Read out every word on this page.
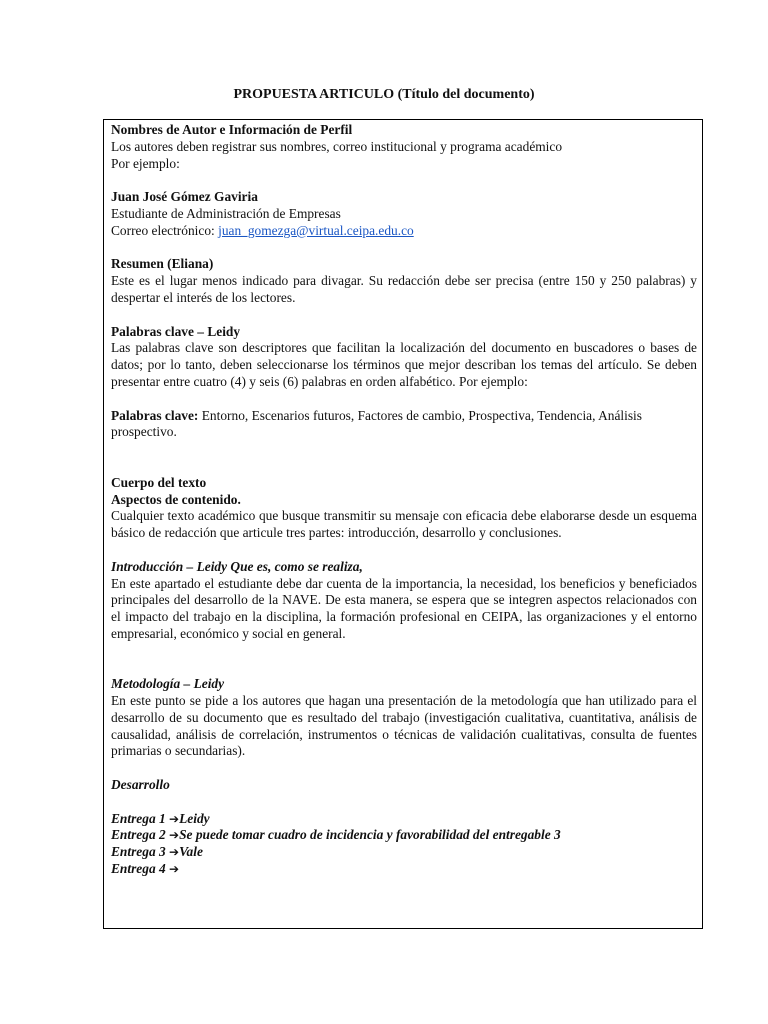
PROPUESTA ARTICULO (Título del documento)

Nombres de Autor e Información de Perfil

Los autores deben registrar sus nombres, correo institucional y programa académico

Por ejemplo:

Juan José Gómez Gaviria

Estudiante de Administración de Empresas

Correo electrónico: juan_gomezga@virtual.ceipa.edu.co

Resumen (Eliana)

Este es el lugar menos indicado para divagar. Su redacción debe ser precisa (entre 150 y 250 palabras) y despertar el interés de los lectores.

Palabras clave – Leidy

Las palabras clave son descriptores que facilitan la localización del documento en buscadores o bases de datos; por lo tanto, deben seleccionarse los términos que mejor describan los temas del artículo. Se deben presentar entre cuatro (4) y seis (6) palabras en orden alfabético. Por ejemplo:

Palabras clave: Entorno, Escenarios futuros, Factores de cambio, Prospectiva, Tendencia, Análisis prospectivo.

Cuerpo del texto

Aspectos de contenido.

Cualquier texto académico que busque transmitir su mensaje con eficacia debe elaborarse desde un esquema básico de redacción que articule tres partes: introducción, desarrollo y conclusiones.

Introducción – Leidy Que es, como se realiza,

En este apartado el estudiante debe dar cuenta de la importancia, la necesidad, los beneficios y beneficiados principales del desarrollo de la NAVE. De esta manera, se espera que se integren aspectos relacionados con el impacto del trabajo en la disciplina, la formación profesional en CEIPA, las organizaciones y el entorno empresarial, económico y social en general.

Metodología – Leidy

En este punto se pide a los autores que hagan una presentación de la metodología que han utilizado para el desarrollo de su documento que es resultado del trabajo (investigación cualitativa, cuantitativa, análisis de causalidad, análisis de correlación, instrumentos o técnicas de validación cualitativas, consulta de fuentes primarias o secundarias).

Desarrollo

Entrega 1 ➔Leidy

Entrega 2 ➔Se puede tomar cuadro de incidencia y favorabilidad del entregable 3

Entrega 3 ➔Vale

Entrega 4 ➔
